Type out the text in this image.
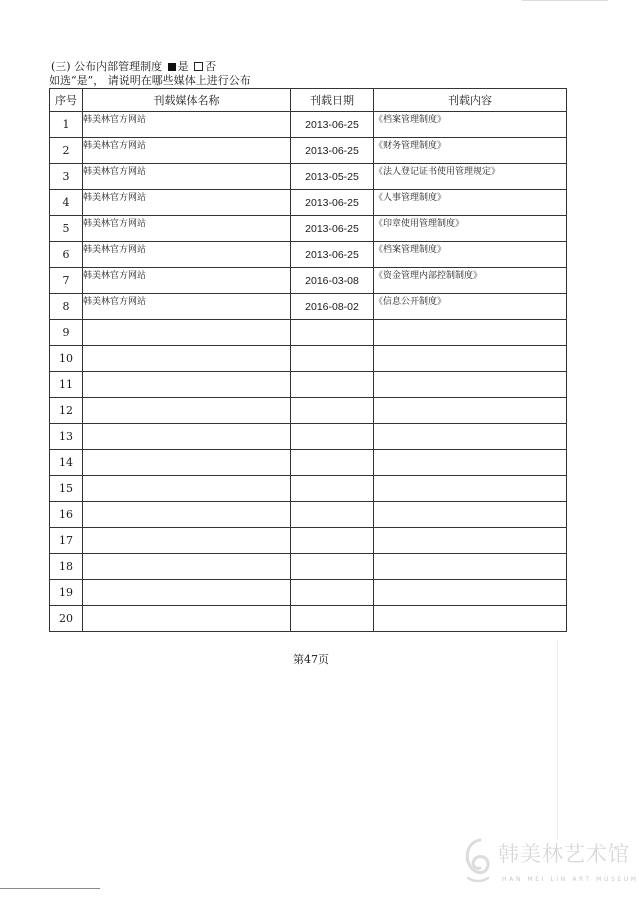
(三) 公布内部管理制度 是 否
如选“是”， 请说明在哪些媒体上进行公布
序号	刊载媒体名称	刊载日期	刊载内容
1	韩美林官方网站	2013-06-25	《档案管理制度》
2	韩美林官方网站	2013-06-25	《财务管理制度》
3	韩美林官方网站	2013-05-25	《法人登记证书使用管理规定》
4	韩美林官方网站	2013-06-25	《人事管理制度》
5	韩美林官方网站	2013-06-25	《印章使用管理制度》
6	韩美林官方网站	2013-06-25	《档案管理制度》
7	韩美林官方网站	2016-03-08	《资金管理内部控制制度》
8	韩美林官方网站	2016-08-02	《信息公开制度》
9			
10			
11			
12			
13			
14			
15			
16			
17			
18			
19			
20			
第47页
韩美林艺术馆
HAN MEI LIN ART MUSEUM
